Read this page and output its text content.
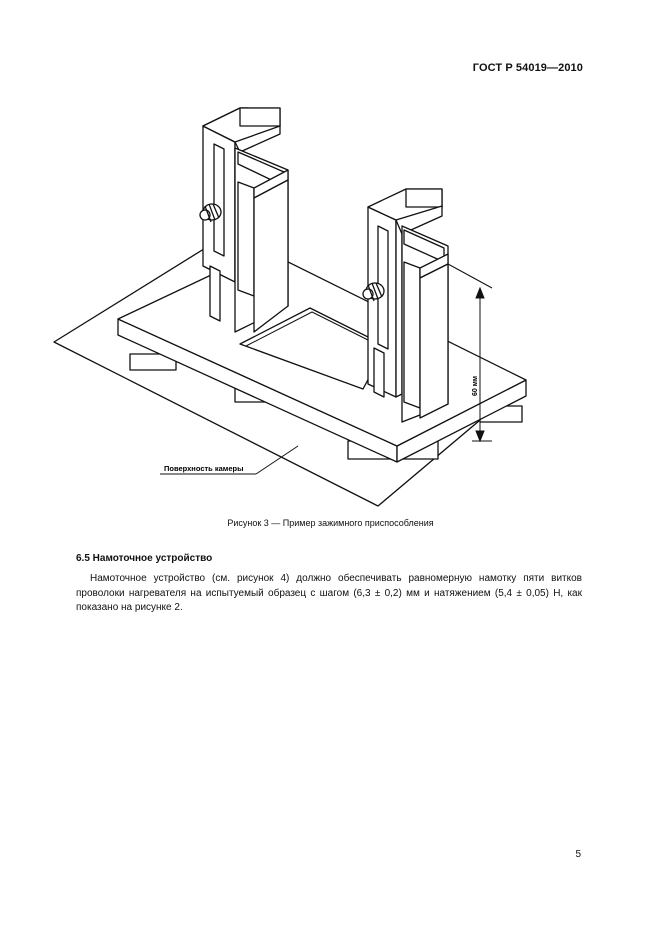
ГОСТ Р 54019—2010
60 мм
Поверхность камеры
Рисунок 3 — Пример зажимного приспособления
6.5 Намоточное устройство
Намоточное устройство (см. рисунок 4) должно обеспечивать равномерную намотку пяти витков проволоки нагревателя на испытуемый образец с шагом (6,3 ± 0,2) мм и натяжением (5,4 ± 0,05) Н, как показано на рисунке 2.
5
